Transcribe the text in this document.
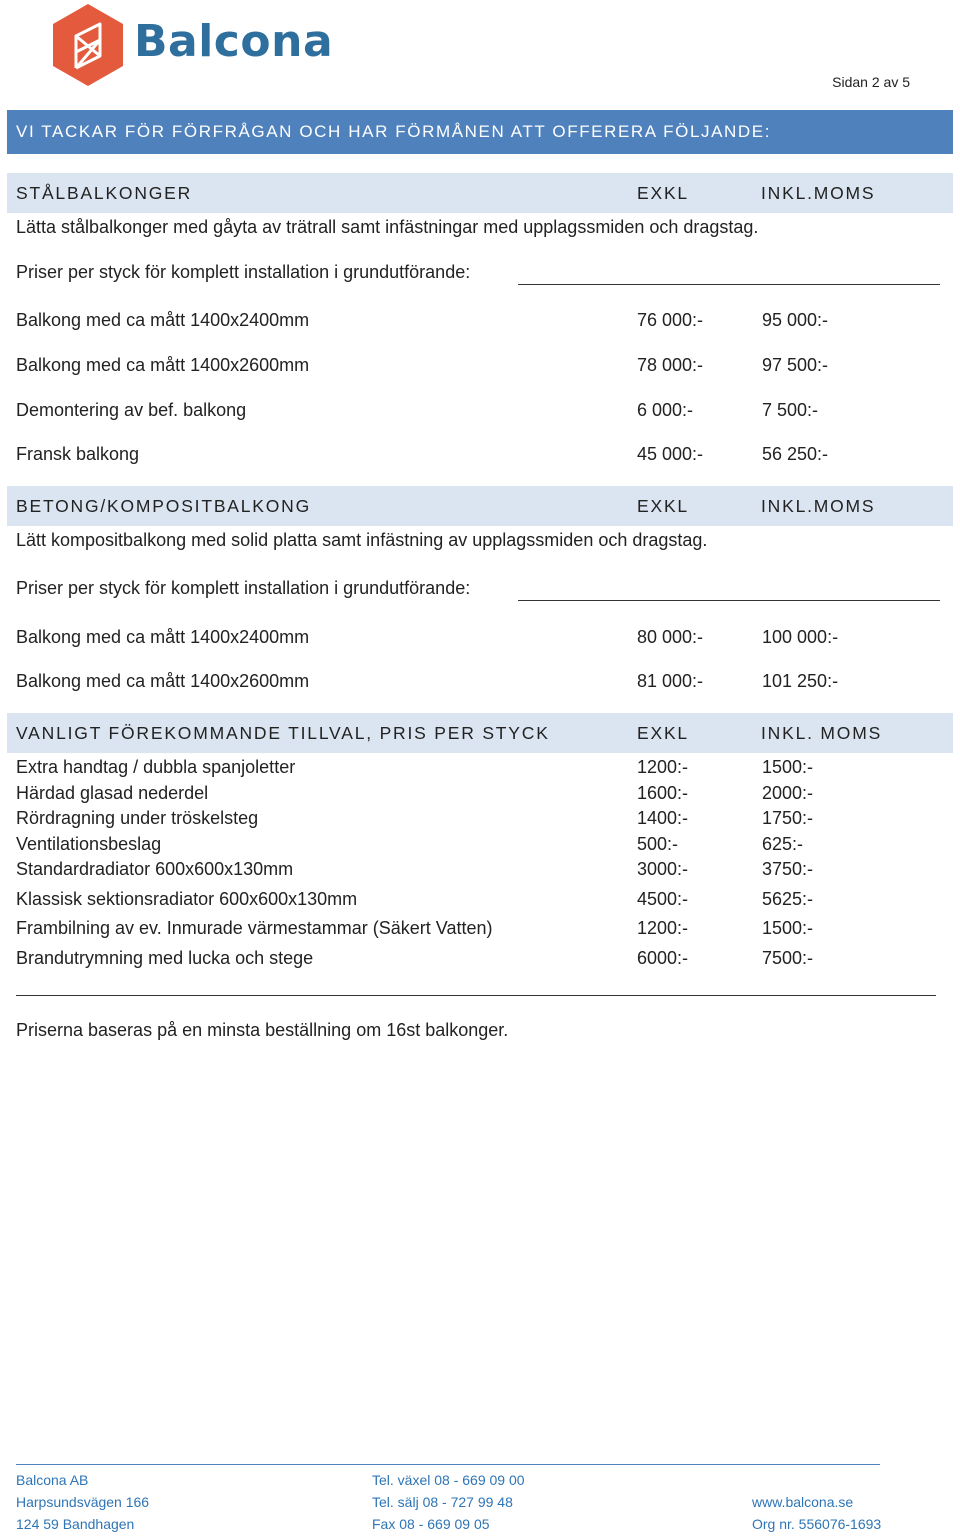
Balcona
Sidan 2 av 5
VI TACKAR FÖR FÖRFRÅGAN OCH HAR FÖRMÅNEN ATT OFFERERA FÖLJANDE:
STÅLBALKONGER	EXKL	INKL.MOMS
Lätta stålbalkonger med gåyta av trätrall samt infästningar med upplagssmiden och dragstag.
Priser per styck för komplett installation i grundutförande:
Balkong med ca mått 1400x2400mm	76 000:-	95 000:-
Balkong med ca mått 1400x2600mm	78 000:-	97 500:-
Demontering av bef. balkong	6 000:-	7 500:-
Fransk balkong	45 000:-	56 250:-
BETONG/KOMPOSITBALKONG	EXKL	INKL.MOMS
Lätt kompositbalkong med solid platta samt infästning av upplagssmiden och dragstag.
Priser per styck för komplett installation i grundutförande:
Balkong med ca mått 1400x2400mm	80 000:-	100 000:-
Balkong med ca mått 1400x2600mm	81 000:-	101 250:-
VANLIGT FÖREKOMMANDE TILLVAL, PRIS PER STYCK	EXKL	INKL. MOMS
Extra handtag / dubbla spanjoletter	1200:-	1500:-
Härdad glasad nederdel	1600:-	2000:-
Rördragning under tröskelsteg	1400:-	1750:-
Ventilationsbeslag	500:-	625:-
Standardradiator 600x600x130mm	3000:-	3750:-
Klassisk sektionsradiator 600x600x130mm	4500:-	5625:-
Frambilning av ev. Inmurade värmestammar (Säkert Vatten)	1200:-	1500:-
Brandutrymning med lucka och stege	6000:-	7500:-
Priserna baseras på en minsta beställning om 16st balkonger.
Balcona AB
Harpsundsvägen 166
124 59 Bandhagen
Tel. växel 08 - 669 09 00
Tel. sälj 08 - 727 99 48
Fax 08 - 669 09 05
www.balcona.se
Org nr. 556076-1693
